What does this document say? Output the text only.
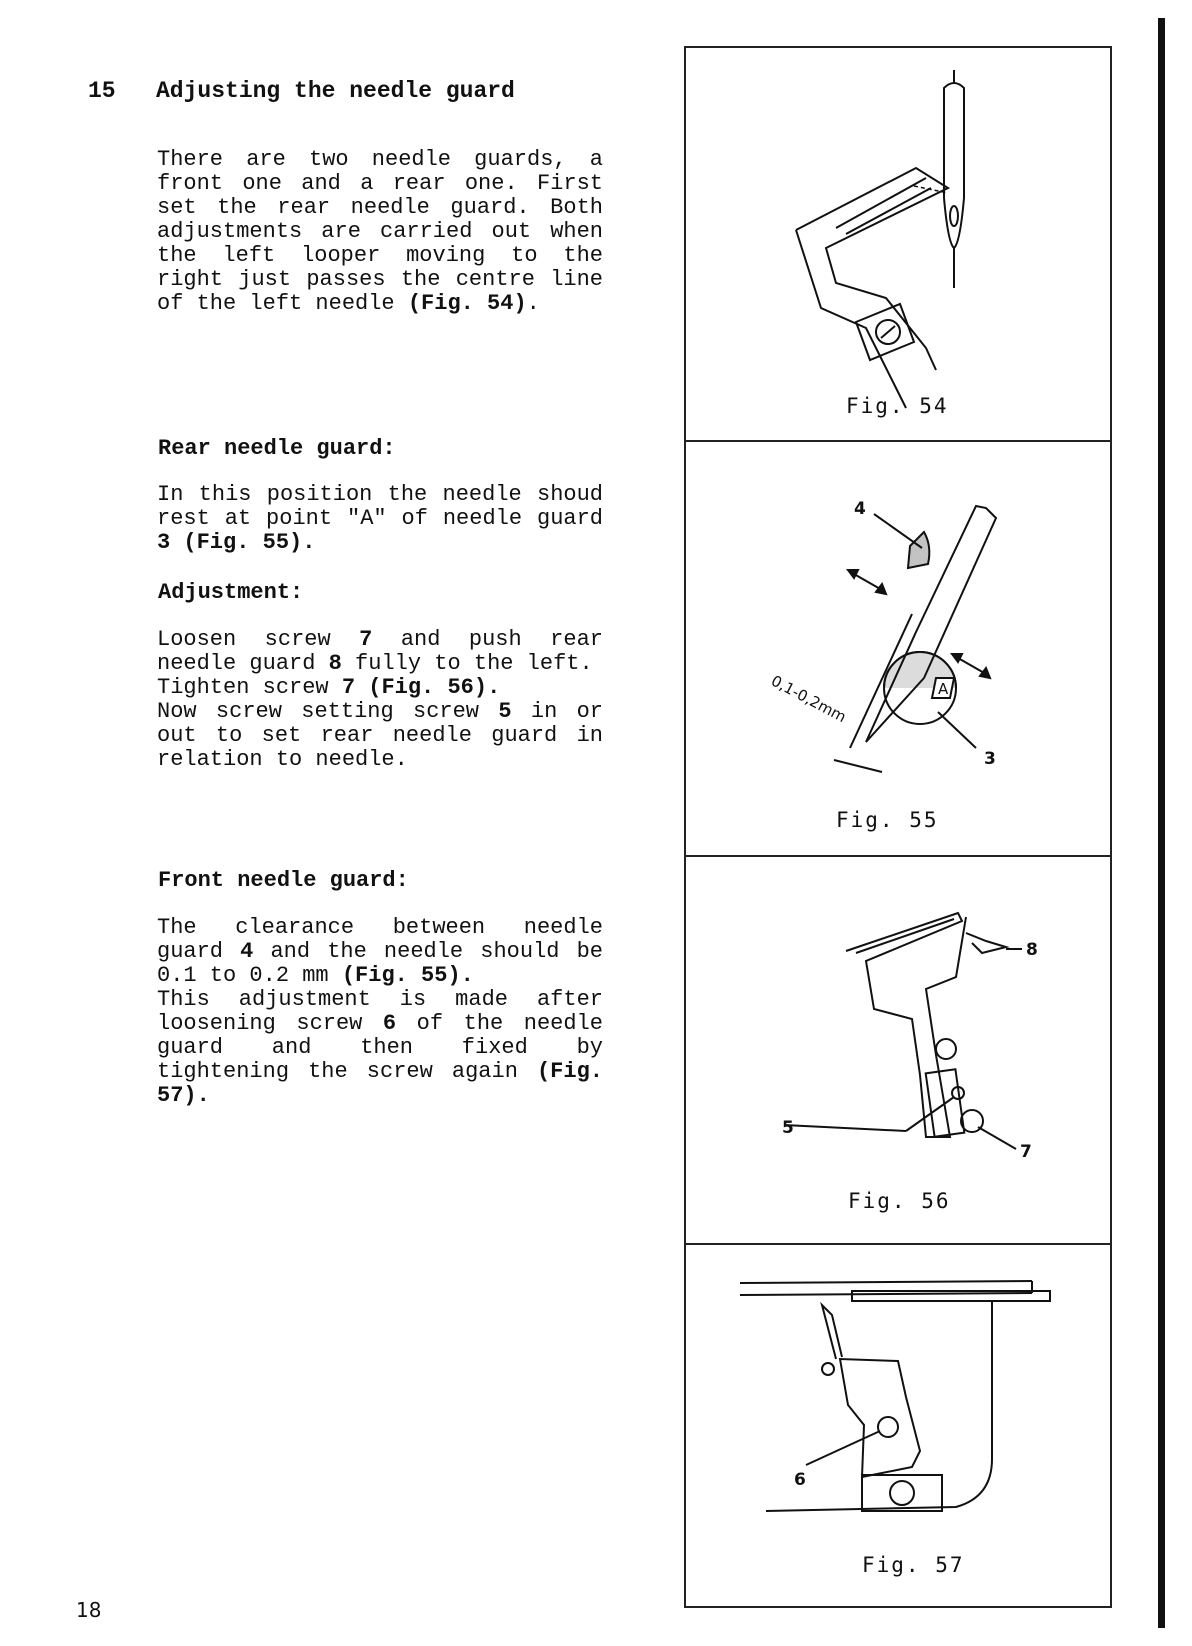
15 Adjusting the needle guard
There are two needle guards, a front one and a rear one. First set the rear needle guard. Both adjustments are carried out when the left looper moving to the right just passes the centre line of the left needle (Fig. 54).
Rear needle guard:
In this position the needle shoud rest at point "A" of needle guard 3 (Fig. 55).
Adjustment:
Loosen screw 7 and push rear needle guard 8 fully to the left.
Tighten screw 7 (Fig. 56).
Now screw setting screw 5 in or out to set rear needle guard in relation to needle.
Front needle guard:
The clearance between needle guard 4 and the needle should be 0.1 to 0.2 mm (Fig. 55).
This adjustment is made after loosening screw 6 of the needle guard and then fixed by tightening the screw again (Fig. 57).
18
Fig. 54
4
3
A
0,1-0,2mm
Fig. 55
8
5
7
Fig. 56
6
Fig. 57
